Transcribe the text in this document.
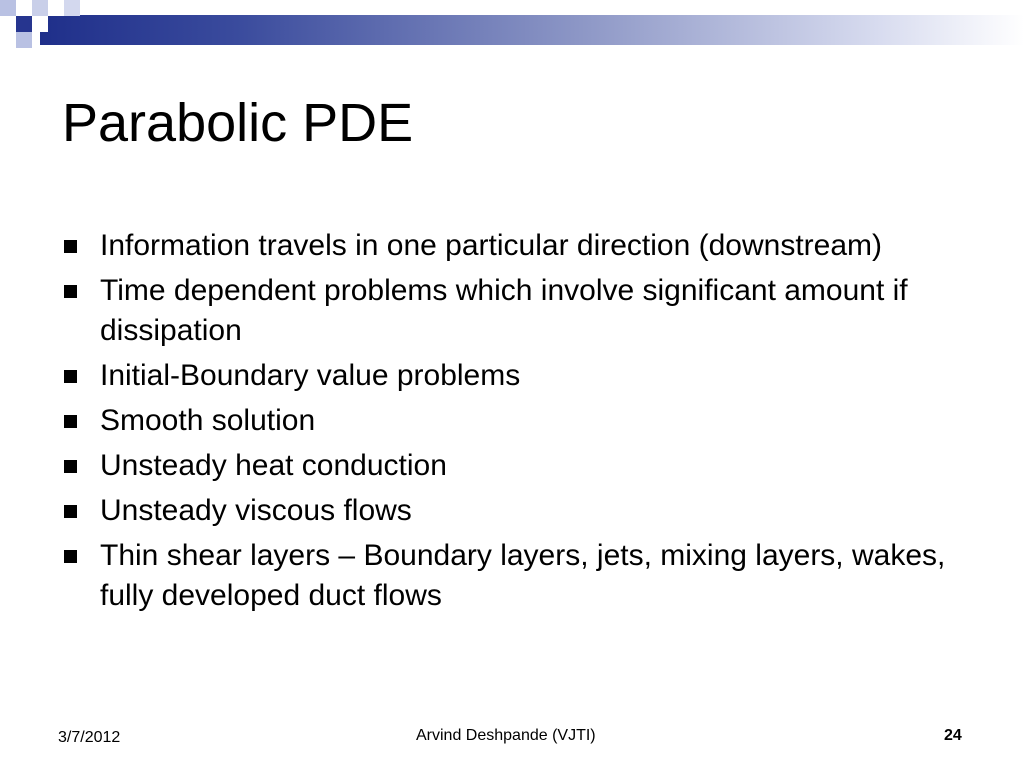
Parabolic PDE
Information travels in one particular direction (downstream)
Time dependent problems which involve significant amount if dissipation
Initial-Boundary value problems
Smooth solution
Unsteady heat conduction
Unsteady viscous flows
Thin shear layers – Boundary layers, jets, mixing layers, wakes, fully developed duct flows
3/7/2012	Arvind Deshpande (VJTI)	24
